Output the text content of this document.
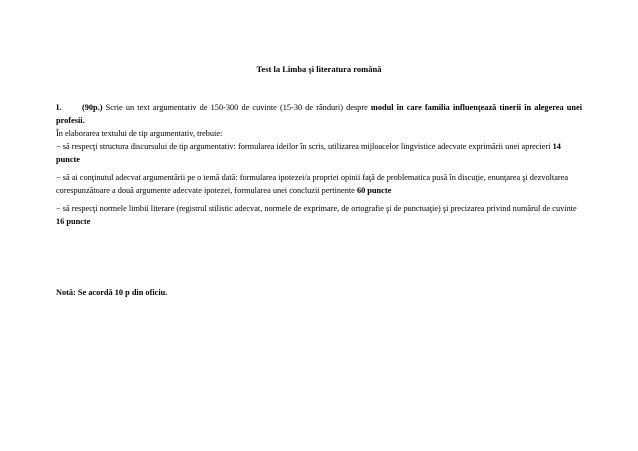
Test la Limba şi literatura română

I. (90p.) Scrie un text argumentativ de 150-300 de cuvinte (15-30 de rânduri) despre modul în care familia influenţează tinerii în alegerea unei profesii.

În elaborarea textului de tip argumentativ, trebuie:

− să respecţi structura discursului de tip argumentativ: formularea ideilor în scris, utilizarea mijloacelor lingvistice adecvate exprimării unei aprecieri 14 puncte

− să ai conţinutul adecvat argumentării pe o temă dată: formularea ipotezei/a propriei opinii faţă de problematica pusă în discuţie, enunţarea şi dezvoltarea corespunzătoare a două argumente adecvate ipotezei, formularea unei concluzii pertinente 60 puncte

− să respecţi normele limbii literare (registrul stilistic adecvat, normele de exprimare, de ortografie şi de punctuaţie) şi precizarea privind numărul de cuvinte 16 puncte

Notă: Se acordă 10 p din oficiu.
